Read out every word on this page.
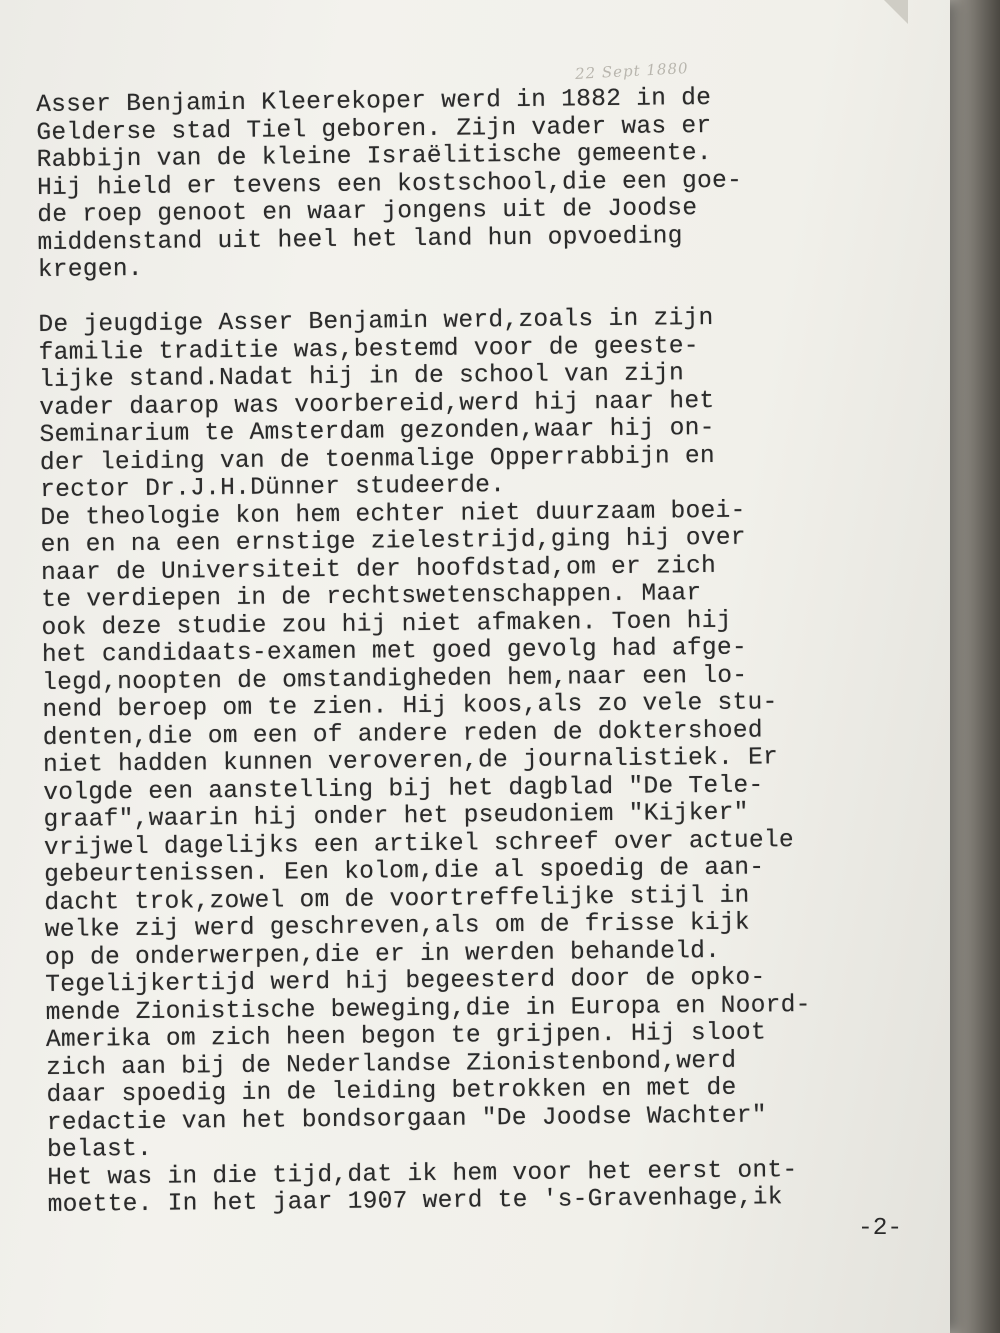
22 Sept 1880
Asser Benjamin Kleerekoper werd in 1882 in de
Gelderse stad Tiel geboren. Zijn vader was er
Rabbijn van de kleine Israëlitische gemeente.
Hij hield er tevens een kostschool,die een goe-
de roep genoot en waar jongens uit de Joodse
middenstand uit heel het land hun opvoeding
kregen.
De jeugdige Asser Benjamin werd,zoals in zijn
familie traditie was,bestemd voor de geeste-
lijke stand.Nadat hij in de school van zijn
vader daarop was voorbereid,werd hij naar het
Seminarium te Amsterdam gezonden,waar hij on-
der leiding van de toenmalige Opperrabbijn en
rector Dr.J.H.Dünner studeerde.
De theologie kon hem echter niet duurzaam boei-
en en na een ernstige zielestrijd,ging hij over
naar de Universiteit der hoofdstad,om er zich
te verdiepen in de rechtswetenschappen. Maar
ook deze studie zou hij niet afmaken. Toen hij
het candidaats-examen met goed gevolg had afge-
legd,noopten de omstandigheden hem,naar een lo-
nend beroep om te zien. Hij koos,als zo vele stu-
denten,die om een of andere reden de doktershoed
niet hadden kunnen veroveren,de journalistiek. Er
volgde een aanstelling bij het dagblad "De Tele-
graaf",waarin hij onder het pseudoniem "Kijker"
vrijwel dagelijks een artikel schreef over actuele
gebeurtenissen. Een kolom,die al spoedig de aan-
dacht trok,zowel om de voortreffelijke stijl in
welke zij werd geschreven,als om de frisse kijk
op de onderwerpen,die er in werden behandeld.
Tegelijkertijd werd hij begeesterd door de opko-
mende Zionistische beweging,die in Europa en Noord-
Amerika om zich heen begon te grijpen. Hij sloot
zich aan bij de Nederlandse Zionistenbond,werd
daar spoedig in de leiding betrokken en met de
redactie van het bondsorgaan "De Joodse Wachter"
belast.
Het was in die tijd,dat ik hem voor het eerst ont-
moette. In het jaar 1907 werd te 's-Gravenhage,ik
-2-
